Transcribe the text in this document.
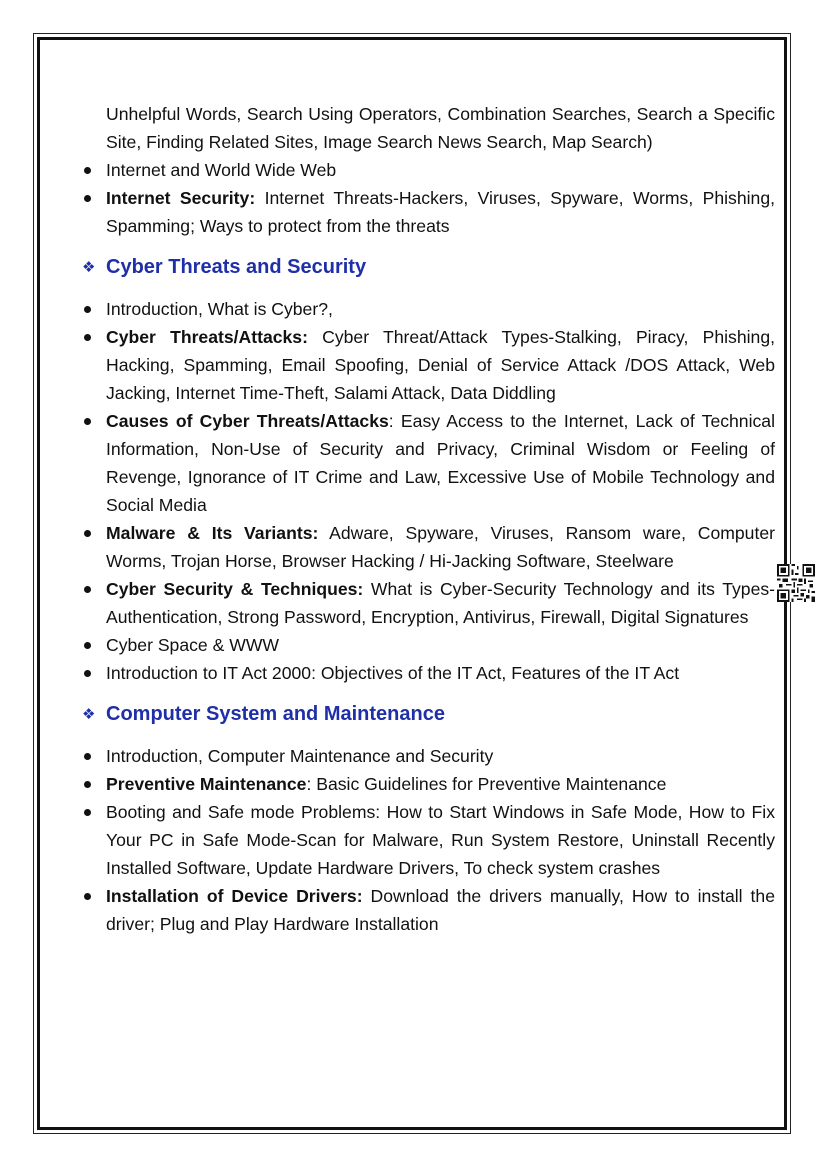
Unhelpful Words, Search Using Operators, Combination Searches, Search a Specific Site, Finding Related Sites, Image Search News Search, Map Search)

Internet and World Wide Web
Internet Security: Internet Threats-Hackers, Viruses, Spyware, Worms, Phishing, Spamming; Ways to protect from the threats
❖ Cyber Threats and Security
Introduction, What is Cyber?,
Cyber Threats/Attacks: Cyber Threat/Attack Types-Stalking, Piracy, Phishing, Hacking, Spamming, Email Spoofing, Denial of Service Attack /DOS Attack, Web Jacking, Internet Time-Theft, Salami Attack, Data Diddling
Causes of Cyber Threats/Attacks: Easy Access to the Internet, Lack of Technical Information, Non-Use of Security and Privacy, Criminal Wisdom or Feeling of Revenge, Ignorance of IT Crime and Law, Excessive Use of Mobile Technology and Social Media
Malware & Its Variants: Adware, Spyware, Viruses, Ransom ware, Computer Worms, Trojan Horse, Browser Hacking / Hi-Jacking Software, Steelware
Cyber Security & Techniques: What is Cyber-Security Technology and its Types- Authentication, Strong Password, Encryption, Antivirus, Firewall, Digital Signatures
Cyber Space & WWW
Introduction to IT Act 2000: Objectives of the IT Act, Features of the IT Act
❖ Computer System and Maintenance
Introduction, Computer Maintenance and Security
Preventive Maintenance: Basic Guidelines for Preventive Maintenance
Booting and Safe mode Problems: How to Start Windows in Safe Mode, How to Fix Your PC in Safe Mode-Scan for Malware, Run System Restore, Uninstall Recently Installed Software, Update Hardware Drivers, To check system crashes
Installation of Device Drivers: Download the drivers manually, How to install the driver; Plug and Play Hardware Installation
